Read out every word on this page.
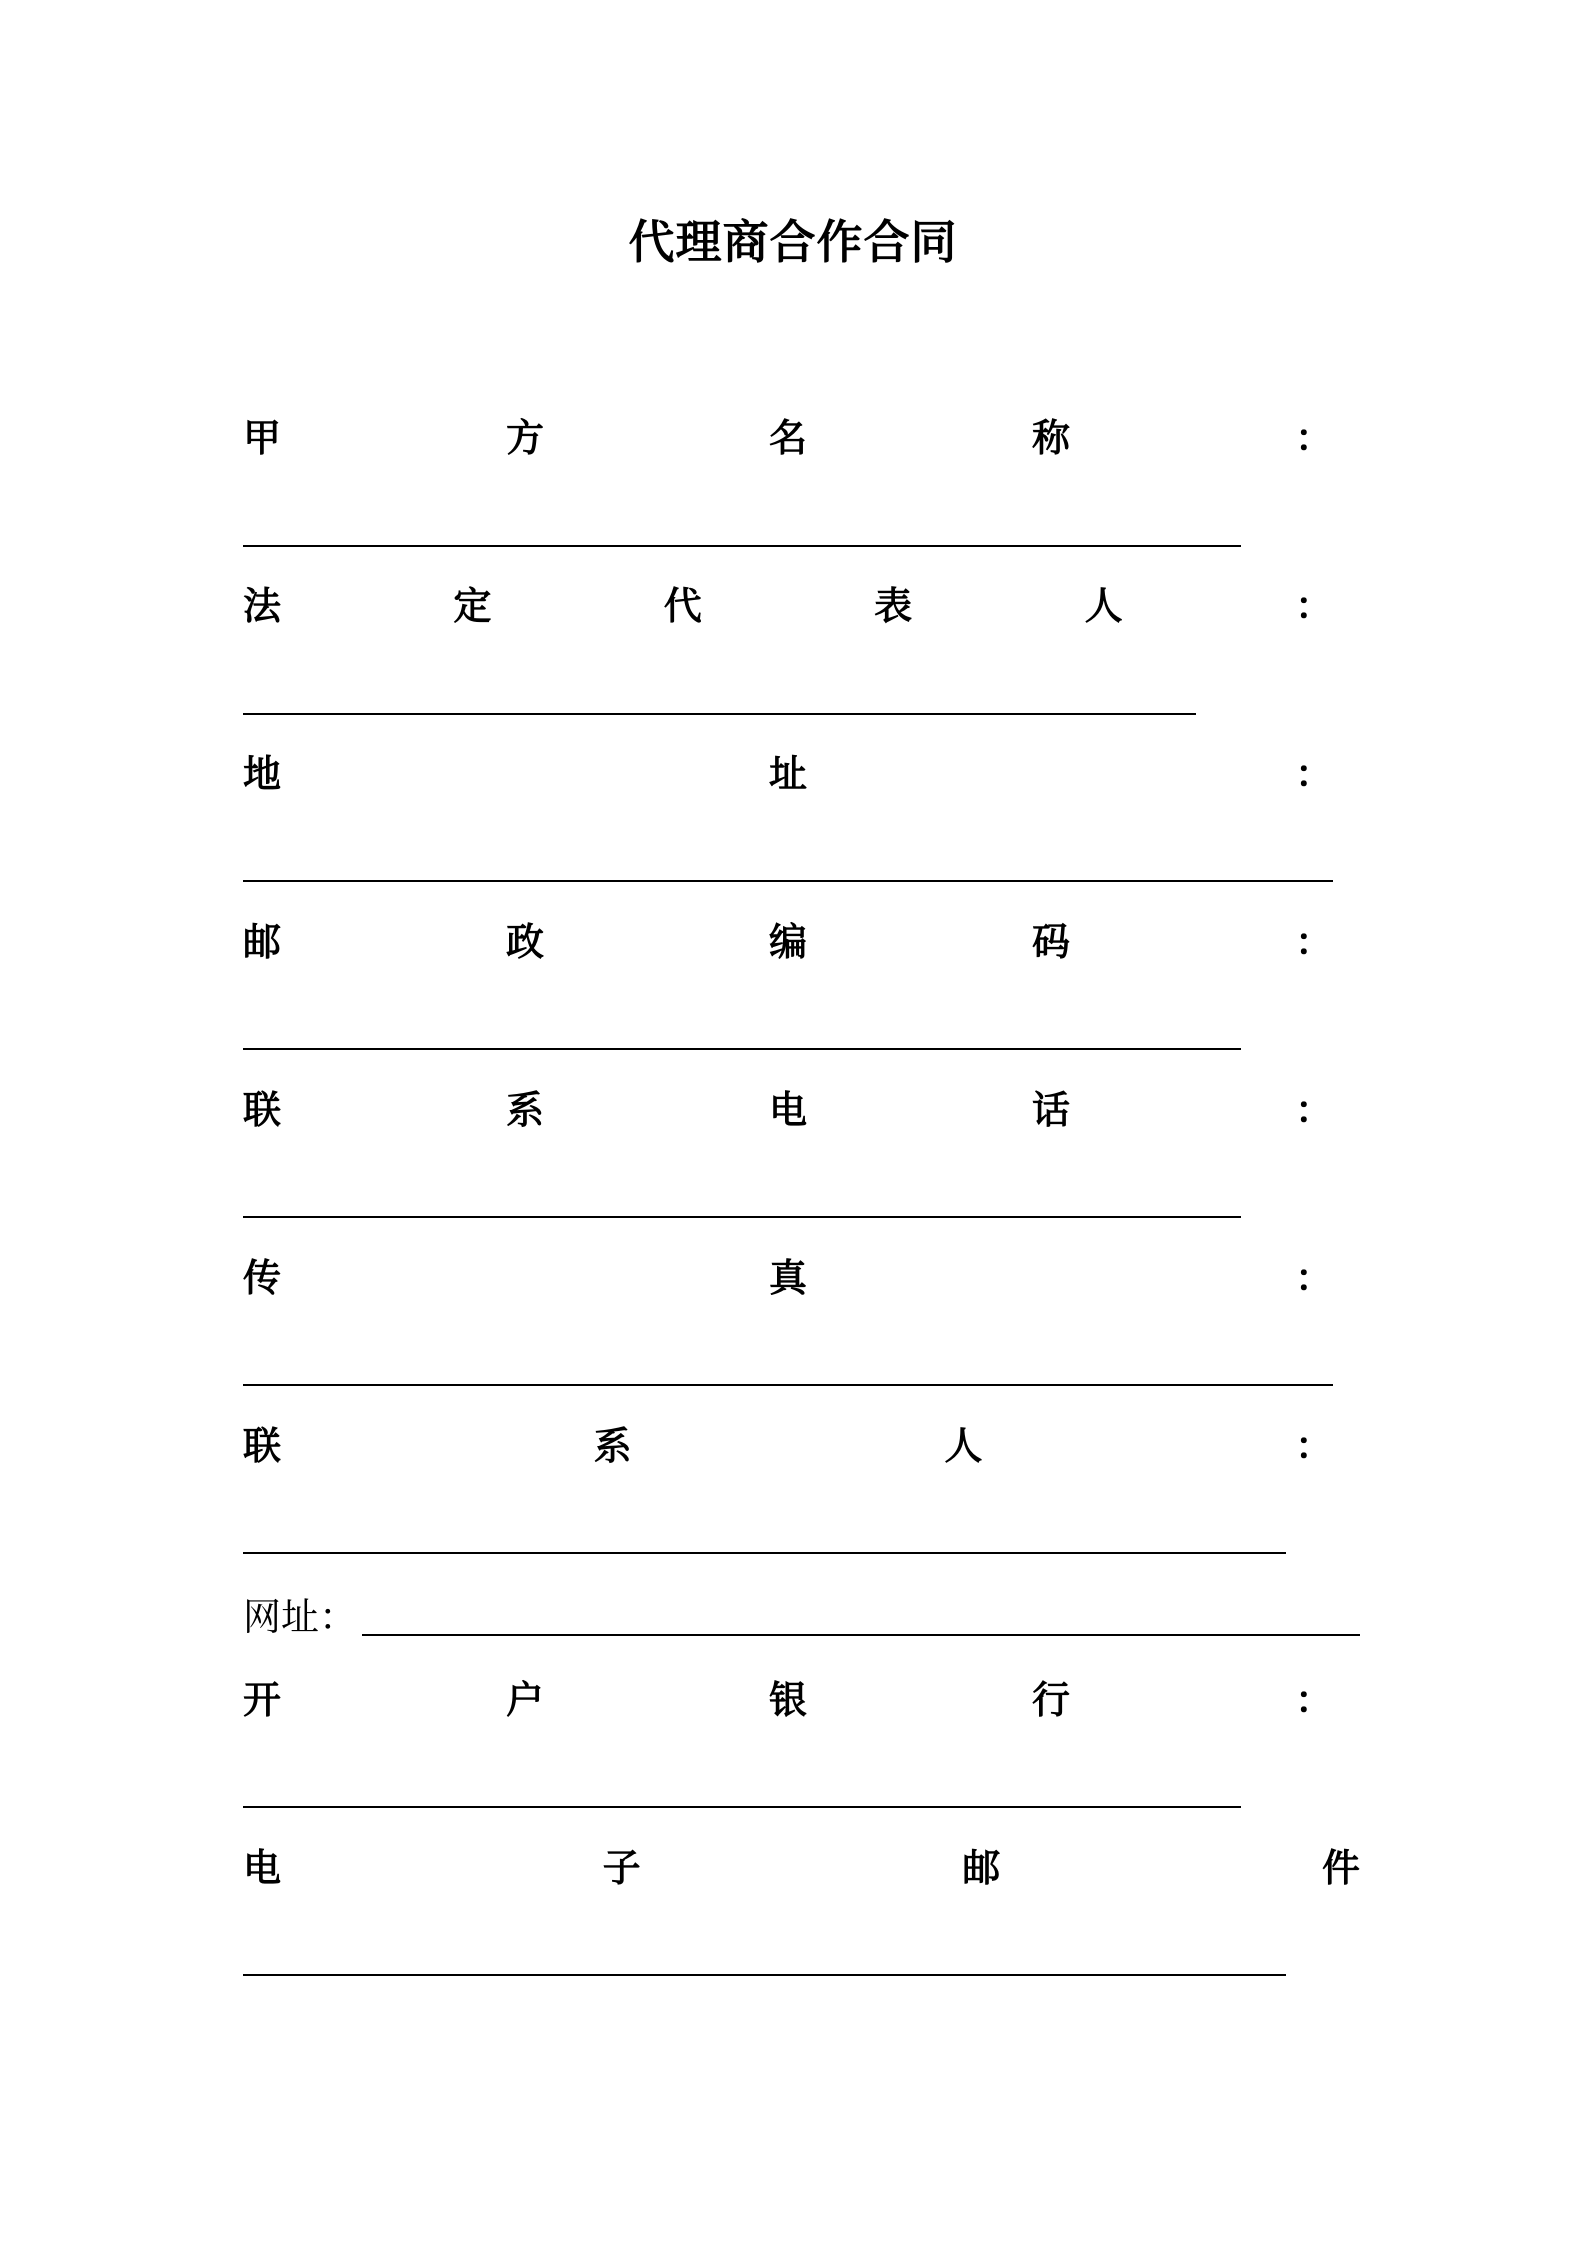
代理商合作合同
甲	方	名	称	：
法	定	代	表	人	：
地	址	：
邮	政	编	码	：
联	系	电	话	：
传	真	：
联	系	人	：
网址：
开	户	银	行	：
电	子	邮	件
